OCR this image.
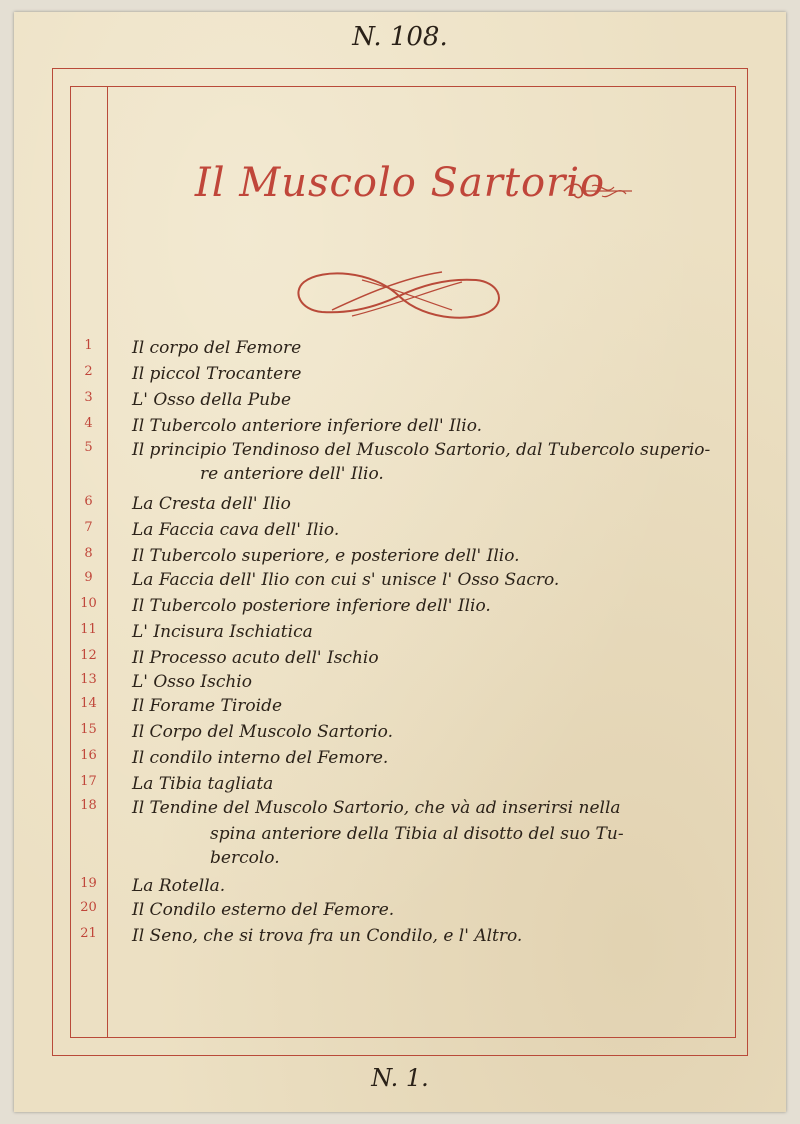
N. 108.
Il Muscolo Sartorio
1	Il corpo del Femore
2	Il piccol Trocantere
3	L' Osso della Pube
4	Il Tubercolo anteriore inferiore dell' Ilio.
5	Il principio Tendinoso del Muscolo Sartorio, dal Tubercolo superio-
re anteriore dell' Ilio.
6	La Cresta dell' Ilio
7	La Faccia cava dell' Ilio.
8	Il Tubercolo superiore, e posteriore dell' Ilio.
9	La Faccia dell' Ilio con cui s' unisce l' Osso Sacro.
10	Il Tubercolo posteriore inferiore dell' Ilio.
11	L' Incisura Ischiatica
12	Il Processo acuto dell' Ischio
13	L' Osso Ischio
14	Il Forame Tiroide
15	Il Corpo del Muscolo Sartorio.
16	Il condilo interno del Femore.
17	La Tibia tagliata
18	Il Tendine del Muscolo Sartorio, che và ad inserirsi nella
spina anteriore della Tibia al disotto del suo Tu-
bercolo.
19	La Rotella.
20	Il Condilo esterno del Femore.
21	Il Seno, che si trova fra un Condilo, e l' Altro.
N. 1.
